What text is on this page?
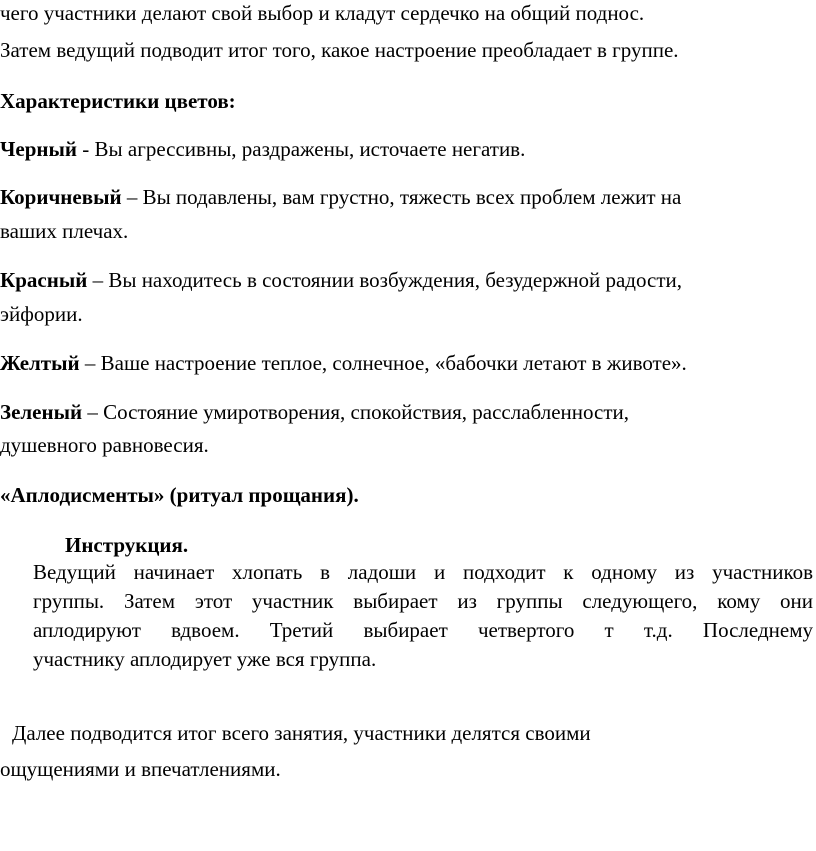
чего участники делают свой выбор и кладут сердечко на общий поднос.
Затем ведущий подводит итог того, какое настроение преобладает в группе.
Характеристики цветов:
Черный - Вы агрессивны, раздражены, источаете негатив.
Коричневый – Вы подавлены, вам грустно, тяжесть всех проблем лежит на
ваших плечах.
Красный – Вы находитесь в состоянии возбуждения, безудержной радости,
эйфории.
Желтый – Ваше настроение теплое, солнечное, «бабочки летают в животе».
Зеленый – Состояние умиротворения, спокойствия, расслабленности,
душевного равновесия.
«Аплодисменты» (ритуал прощания).
Инструкция.
Ведущий начинает хлопать в ладоши и подходит к одному из участников
группы. Затем этот участник выбирает из группы следующего, кому они
аплодируют вдвоем. Третий выбирает четвертого т т.д. Последнему
участнику аплодирует уже вся группа.
Далее подводится итог всего занятия, участники делятся своими
ощущениями и впечатлениями.
